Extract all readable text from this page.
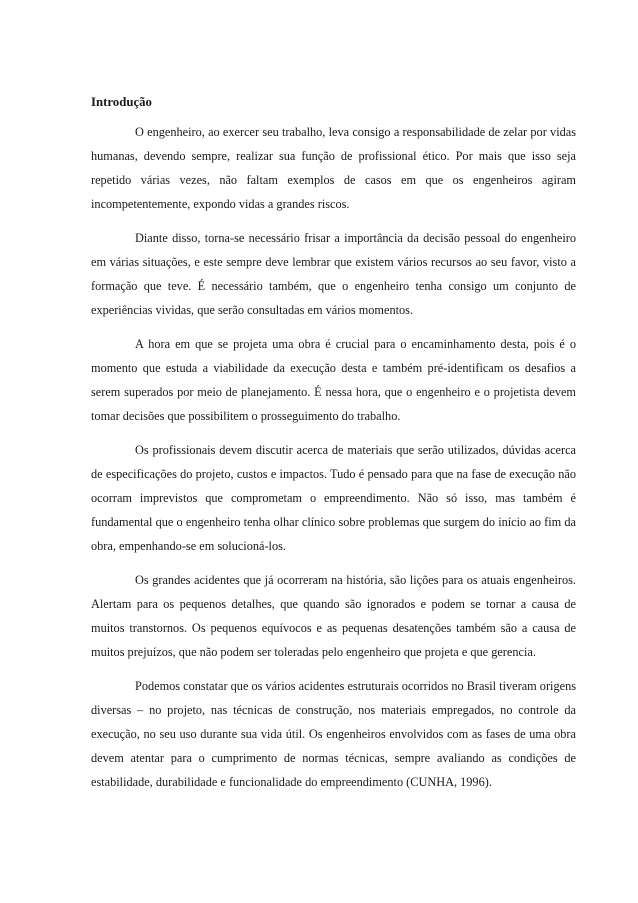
Introdução

O engenheiro, ao exercer seu trabalho, leva consigo a responsabilidade de zelar por vidas humanas, devendo sempre, realizar sua função de profissional ético. Por mais que isso seja repetido várias vezes, não faltam exemplos de casos em que os engenheiros agiram incompetentemente, expondo vidas a grandes riscos.

Diante disso, torna-se necessário frisar a importância da decisão pessoal do engenheiro em várias situações, e este sempre deve lembrar que existem vários recursos ao seu favor, visto a formação que teve. É necessário também, que o engenheiro tenha consigo um conjunto de experiências vividas, que serão consultadas em vários momentos.

A hora em que se projeta uma obra é crucial para o encaminhamento desta, pois é o momento que estuda a viabilidade da execução desta e também pré-identificam os desafios a serem superados por meio de planejamento. É nessa hora, que o engenheiro e o projetista devem tomar decisões que possibilitem o prosseguimento do trabalho.

Os profissionais devem discutir acerca de materiais que serão utilizados, dúvidas acerca de especificações do projeto, custos e impactos. Tudo é pensado para que na fase de execução não ocorram imprevistos que comprometam o empreendimento. Não só isso, mas também é fundamental que o engenheiro tenha olhar clínico sobre problemas que surgem do início ao fim da obra, empenhando-se em solucioná-los.

Os grandes acidentes que já ocorreram na história, são lições para os atuais engenheiros. Alertam para os pequenos detalhes, que quando são ignorados e podem se tornar a causa de muitos transtornos. Os pequenos equívocos e as pequenas desatenções também são a causa de muitos prejuízos, que não podem ser toleradas pelo engenheiro que projeta e que gerencia.

Podemos constatar que os vários acidentes estruturais ocorridos no Brasil tiveram origens diversas – no projeto, nas técnicas de construção, nos materiais empregados, no controle da execução, no seu uso durante sua vida útil. Os engenheiros envolvidos com as fases de uma obra devem atentar para o cumprimento de normas técnicas, sempre avaliando as condições de estabilidade, durabilidade e funcionalidade do empreendimento (CUNHA, 1996).
